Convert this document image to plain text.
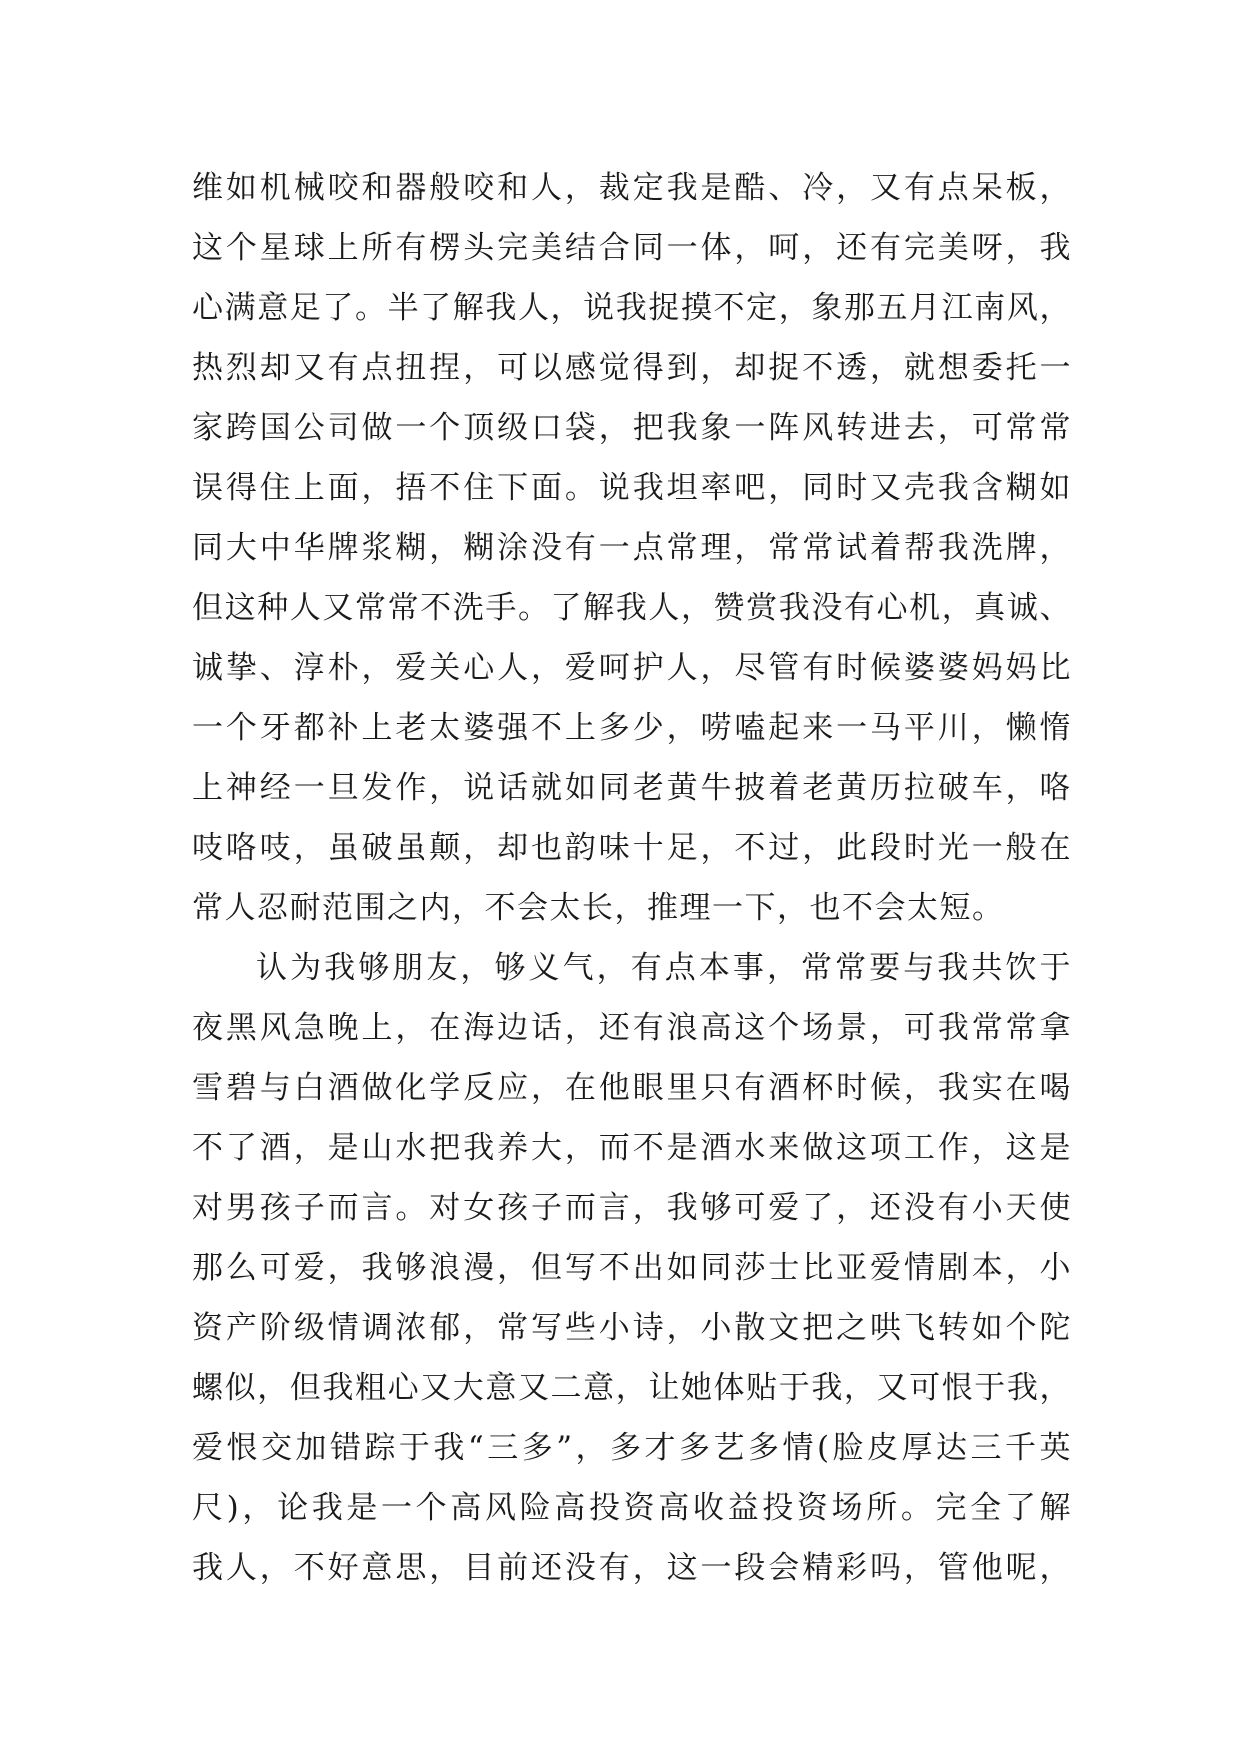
维如机械咬和器般咬和人，裁定我是酷、冷，又有点呆板，
这个星球上所有楞头完美结合同一体，呵，还有完美呀，我
心满意足了。半了解我人，说我捉摸不定，象那五月江南风，
热烈却又有点扭捏，可以感觉得到，却捉不透，就想委托一
家跨国公司做一个顶级口袋，把我象一阵风转进去，可常常
误得住上面，捂不住下面。说我坦率吧，同时又壳我含糊如
同大中华牌浆糊，糊涂没有一点常理，常常试着帮我洗牌，
但这种人又常常不洗手。了解我人，赞赏我没有心机，真诚、
诚挚、淳朴，爱关心人，爱呵护人，尽管有时候婆婆妈妈比
一个牙都补上老太婆强不上多少，唠嗑起来一马平川，懒惰
上神经一旦发作，说话就如同老黄牛披着老黄历拉破车，咯
吱咯吱，虽破虽颠，却也韵味十足，不过，此段时光一般在
常人忍耐范围之内，不会太长，推理一下，也不会太短。
认为我够朋友，够义气，有点本事，常常要与我共饮于
夜黑风急晚上，在海边话，还有浪高这个场景，可我常常拿
雪碧与白酒做化学反应，在他眼里只有酒杯时候，我实在喝
不了酒，是山水把我养大，而不是酒水来做这项工作，这是
对男孩子而言。对女孩子而言，我够可爱了，还没有小天使
那么可爱，我够浪漫，但写不出如同莎士比亚爱情剧本，小
资产阶级情调浓郁，常写些小诗，小散文把之哄飞转如个陀
螺似，但我粗心又大意又二意，让她体贴于我，又可恨于我，
爱恨交加错踪于我“三多”，多才多艺多情(脸皮厚达三千英
尺)，论我是一个高风险高投资高收益投资场所。完全了解
我人，不好意思，目前还没有，这一段会精彩吗，管他呢，
